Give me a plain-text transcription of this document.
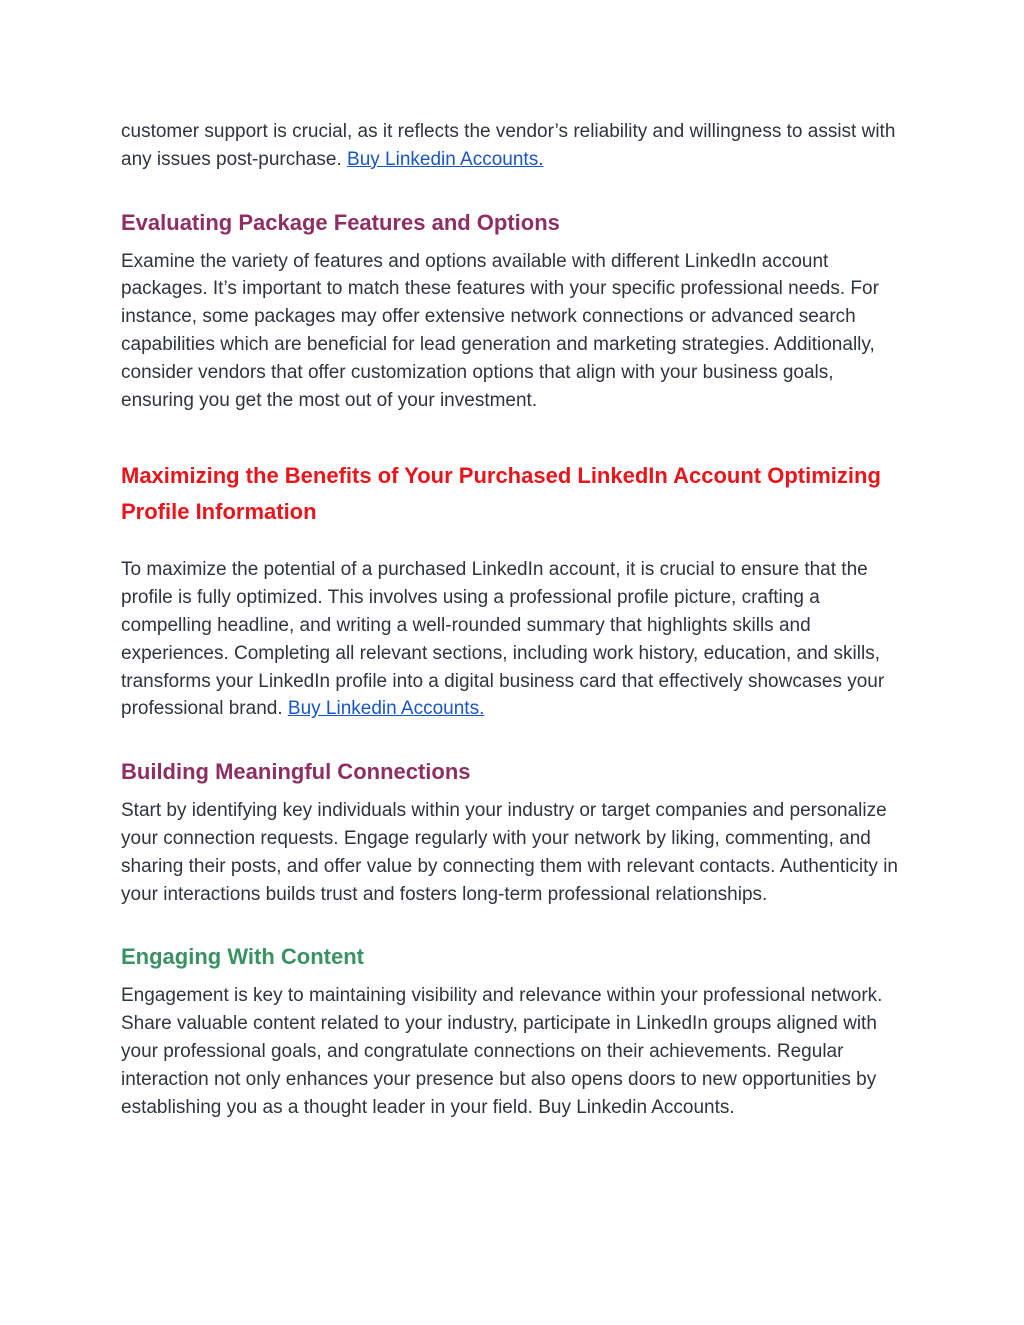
customer support is crucial, as it reflects the vendor’s reliability and willingness to assist with any issues post-purchase. Buy Linkedin Accounts.

Evaluating Package Features and Options

Examine the variety of features and options available with different LinkedIn account packages. It’s important to match these features with your specific professional needs. For instance, some packages may offer extensive network connections or advanced search capabilities which are beneficial for lead generation and marketing strategies. Additionally, consider vendors that offer customization options that align with your business goals, ensuring you get the most out of your investment.

Maximizing the Benefits of Your Purchased LinkedIn Account Optimizing Profile Information

To maximize the potential of a purchased LinkedIn account, it is crucial to ensure that the profile is fully optimized. This involves using a professional profile picture, crafting a compelling headline, and writing a well-rounded summary that highlights skills and experiences. Completing all relevant sections, including work history, education, and skills, transforms your LinkedIn profile into a digital business card that effectively showcases your professional brand. Buy Linkedin Accounts.

Building Meaningful Connections

Start by identifying key individuals within your industry or target companies and personalize your connection requests. Engage regularly with your network by liking, commenting, and sharing their posts, and offer value by connecting them with relevant contacts. Authenticity in your interactions builds trust and fosters long-term professional relationships.

Engaging With Content

Engagement is key to maintaining visibility and relevance within your professional network. Share valuable content related to your industry, participate in LinkedIn groups aligned with your professional goals, and congratulate connections on their achievements. Regular interaction not only enhances your presence but also opens doors to new opportunities by establishing you as a thought leader in your field. Buy Linkedin Accounts.
